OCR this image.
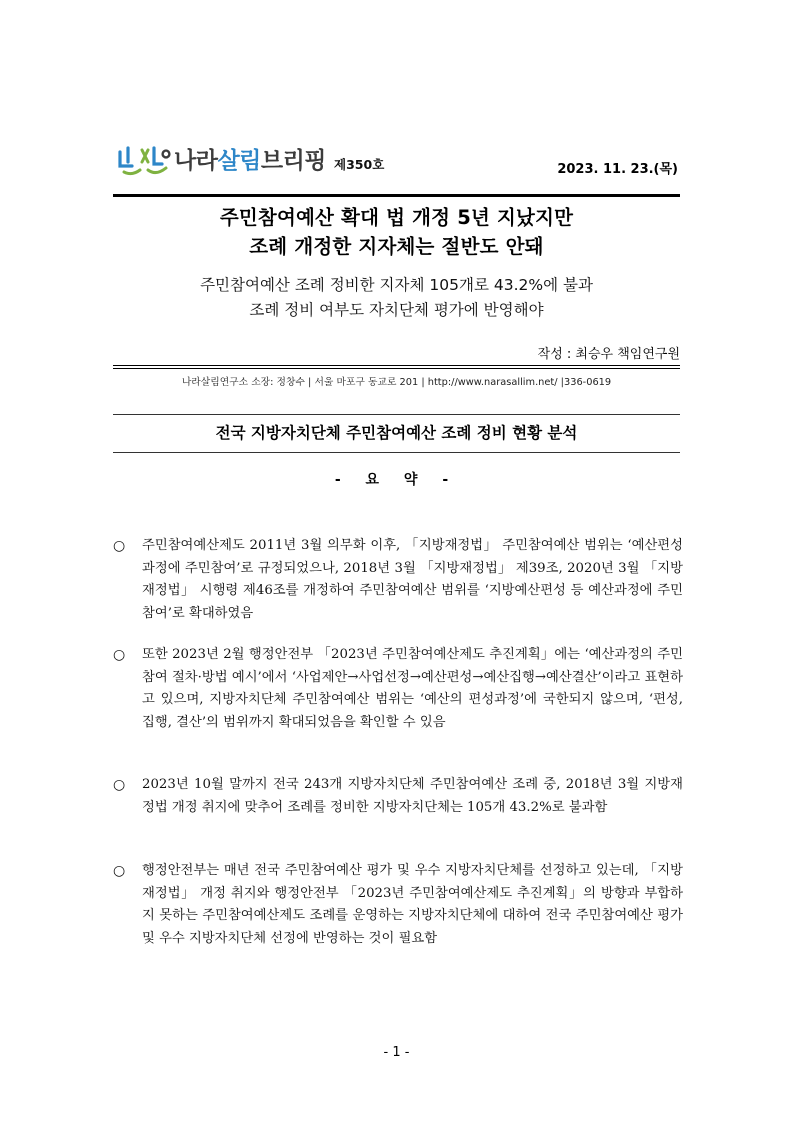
나라살림브리핑 제350호	2023. 11. 23.(목)
주민참여예산 확대 법 개정 5년 지났지만
조례 개정한 지자체는 절반도 안돼
주민참여예산 조례 정비한 지자체 105개로 43.2%에 불과
조례 정비 여부도 자치단체 평가에 반영해야
작성 : 최승우 책임연구원
나라살림연구소 소장: 정창수 | 서울 마포구 동교로 201 | http://www.narasallim.net/ |336-0619
전국 지방자치단체 주민참여예산 조례 정비 현황 분석
- 요 약 -
○	주민참여예산제도 2011년 3월 의무화 이후, 「지방재정법」 주민참여예산 범위는 ‘예산편성과정에 주민참여’로 규정되었으나, 2018년 3월 「지방재정법」 제39조, 2020년 3월 「지방재정법」 시행령 제46조를 개정하여 주민참여예산 범위를 ‘지방예산편성 등 예산과정에 주민참여’로 확대하였음
○	또한 2023년 2월 행정안전부 「2023년 주민참여예산제도 추진계획」에는 ‘예산과정의 주민참여 절차·방법 예시’에서 ‘사업제안→사업선정→예산편성→예산집행→예산결산’이라고 표현하고 있으며, 지방자치단체 주민참여예산 범위는 ‘예산의 편성과정’에 국한되지 않으며, ‘편성, 집행, 결산’의 범위까지 확대되었음을 확인할 수 있음
○	2023년 10월 말까지 전국 243개 지방자치단체 주민참여예산 조례 중, 2018년 3월 지방재정법 개정 취지에 맞추어 조례를 정비한 지방자치단체는 105개 43.2%로 불과함
○	행정안전부는 매년 전국 주민참여예산 평가 및 우수 지방자치단체를 선정하고 있는데, 「지방재정법」 개정 취지와 행정안전부 「2023년 주민참여예산제도 추진계획」의 방향과 부합하지 못하는 주민참여예산제도 조례를 운영하는 지방자치단체에 대하여 전국 주민참여예산 평가 및 우수 지방자치단체 선정에 반영하는 것이 필요함
- 1 -
